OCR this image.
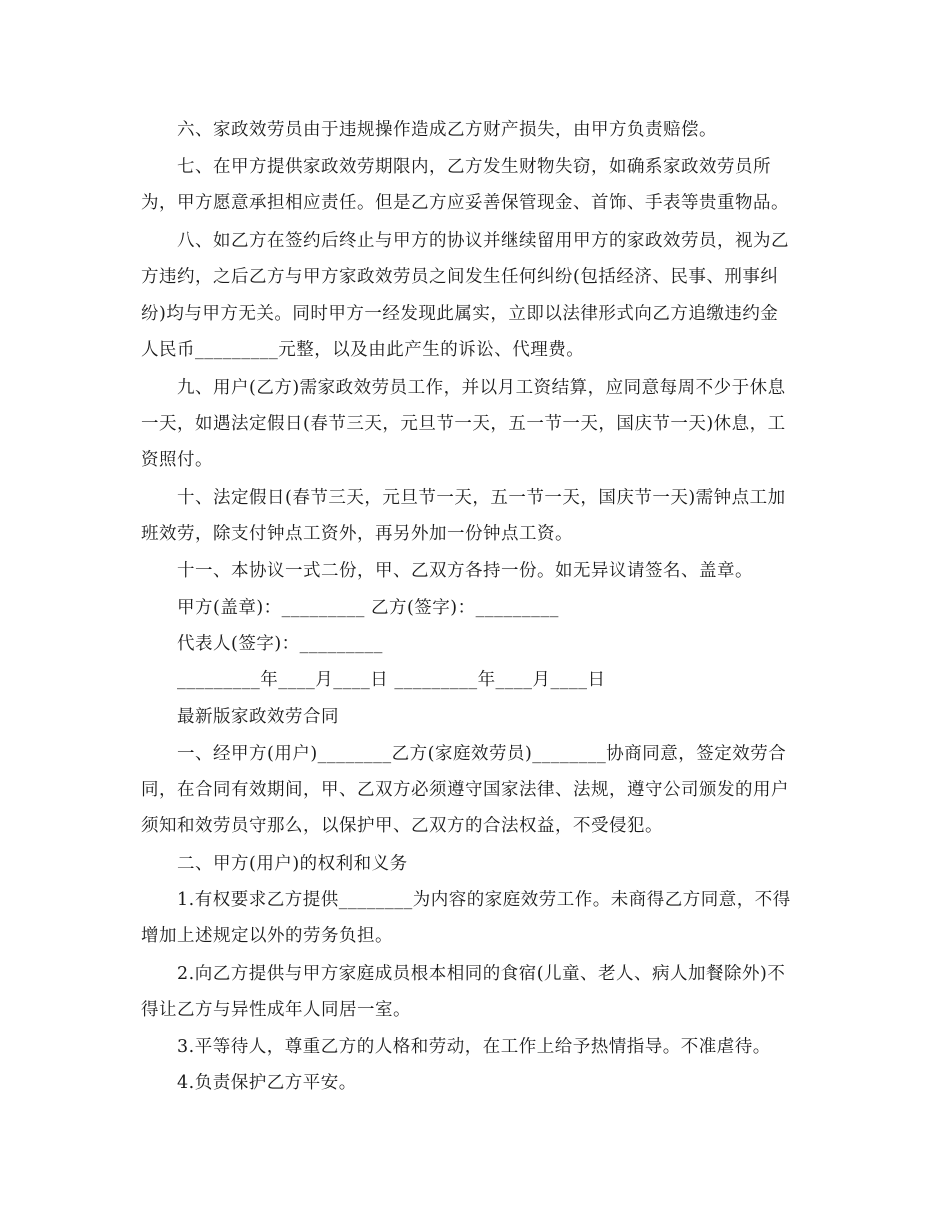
六、家政效劳员由于违规操作造成乙方财产损失，由甲方负责赔偿。
七、在甲方提供家政效劳期限内，乙方发生财物失窃，如确系家政效劳员所
为，甲方愿意承担相应责任。但是乙方应妥善保管现金、首饰、手表等贵重物品。
八、如乙方在签约后终止与甲方的协议并继续留用甲方的家政效劳员，视为乙
方违约，之后乙方与甲方家政效劳员之间发生任何纠纷(包括经济、民事、刑事纠
纷)均与甲方无关。同时甲方一经发现此属实，立即以法律形式向乙方追缴违约金
人民币_________元整，以及由此产生的诉讼、代理费。
九、用户(乙方)需家政效劳员工作，并以月工资结算，应同意每周不少于休息
一天，如遇法定假日(春节三天，元旦节一天，五一节一天，国庆节一天)休息，工
资照付。
十、法定假日(春节三天，元旦节一天，五一节一天，国庆节一天)需钟点工加
班效劳，除支付钟点工资外，再另外加一份钟点工资。
十一、本协议一式二份，甲、乙双方各持一份。如无异议请签名、盖章。
甲方(盖章)：_________ 乙方(签字)：_________
代表人(签字)：_________
_________年____月____日 _________年____月____日
最新版家政效劳合同
一、经甲方(用户)________乙方(家庭效劳员)________协商同意，签定效劳合
同，在合同有效期间，甲、乙双方必须遵守国家法律、法规，遵守公司颁发的用户
须知和效劳员守那么，以保护甲、乙双方的合法权益，不受侵犯。
二、甲方(用户)的权利和义务
1.有权要求乙方提供________为内容的家庭效劳工作。未商得乙方同意，不得
增加上述规定以外的劳务负担。
2.向乙方提供与甲方家庭成员根本相同的食宿(儿童、老人、病人加餐除外)不
得让乙方与异性成年人同居一室。
3.平等待人，尊重乙方的人格和劳动，在工作上给予热情指导。不准虐待。
4.负责保护乙方平安。
